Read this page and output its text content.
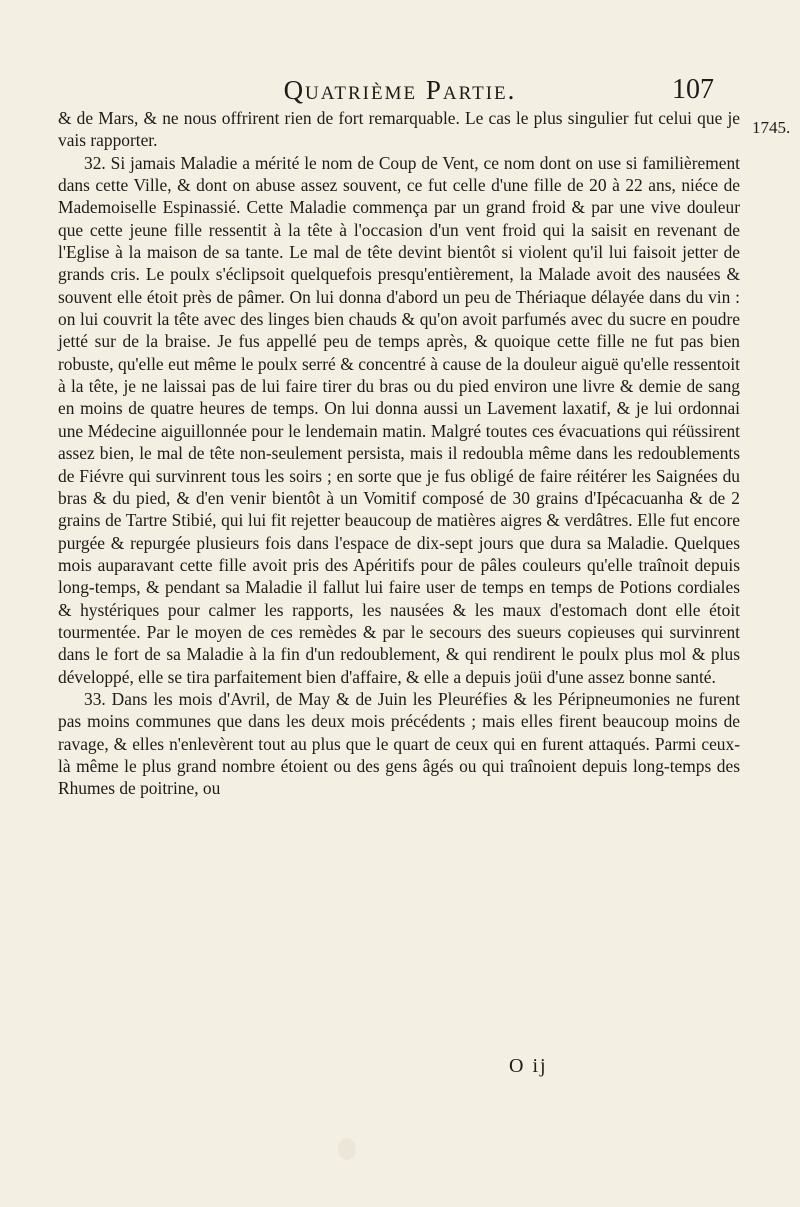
Quatrième Partie.	107
1745.

& de Mars, & ne nous offrirent rien de fort remarquable. Le cas le plus singulier fut celui que je vais rapporter.

32. Si jamais Maladie a mérité le nom de Coup de Vent, ce nom dont on use si familièrement dans cette Ville, & dont on abuse assez souvent, ce fut celle d'une fille de 20 à 22 ans, niéce de Mademoiselle Espinassié. Cette Maladie commença par un grand froid & par une vive douleur que cette jeune fille ressentit à la tête à l'occasion d'un vent froid qui la saisit en revenant de l'Eglise à la maison de sa tante. Le mal de tête devint bientôt si violent qu'il lui faisoit jetter de grands cris. Le poulx s'éclipsoit quelquefois presqu'entièrement, la Malade avoit des nausées & souvent elle étoit près de pâmer. On lui donna d'abord un peu de Thériaque délayée dans du vin : on lui couvrit la tête avec des linges bien chauds & qu'on avoit parfumés avec du sucre en poudre jetté sur de la braise. Je fus appellé peu de temps après, & quoique cette fille ne fut pas bien robuste, qu'elle eut même le poulx serré & concentré à cause de la douleur aiguë qu'elle ressentoit à la tête, je ne laissai pas de lui faire tirer du bras ou du pied environ une livre & demie de sang en moins de quatre heures de temps. On lui donna aussi un Lavement laxatif, & je lui ordonnai une Médecine aiguillonnée pour le lendemain matin. Malgré toutes ces évacuations qui réüssirent assez bien, le mal de tête non-seulement persista, mais il redoubla même dans les redoublements de Fiévre qui survinrent tous les soirs ; en sorte que je fus obligé de faire réitérer les Saignées du bras & du pied, & d'en venir bientôt à un Vomitif composé de 30 grains d'Ipécacuanha & de 2 grains de Tartre Stibié, qui lui fit rejetter beaucoup de matières aigres & verdâtres. Elle fut encore purgée & repurgée plusieurs fois dans l'espace de dix-sept jours que dura sa Maladie. Quelques mois auparavant cette fille avoit pris des Apéritifs pour de pâles couleurs qu'elle traînoit depuis long-temps, & pendant sa Maladie il fallut lui faire user de temps en temps de Potions cordiales & hystériques pour calmer les rapports, les nausées & les maux d'estomach dont elle étoit tourmentée. Par le moyen de ces remèdes & par le secours des sueurs copieuses qui survinrent dans le fort de sa Maladie à la fin d'un redoublement, & qui rendirent le poulx plus mol & plus développé, elle se tira parfaitement bien d'affaire, & elle a depuis joüi d'une assez bonne santé.

33. Dans les mois d'Avril, de May & de Juin les Pleuréfies & les Péripneumonies ne furent pas moins communes que dans les deux mois précédents ; mais elles firent beaucoup moins de ravage, & elles n'enlevèrent tout au plus que le quart de ceux qui en furent attaqués. Parmi ceux-là même le plus grand nombre étoient ou des gens âgés ou qui traînoient depuis long-temps des Rhumes de poitrine, ou

O ij
